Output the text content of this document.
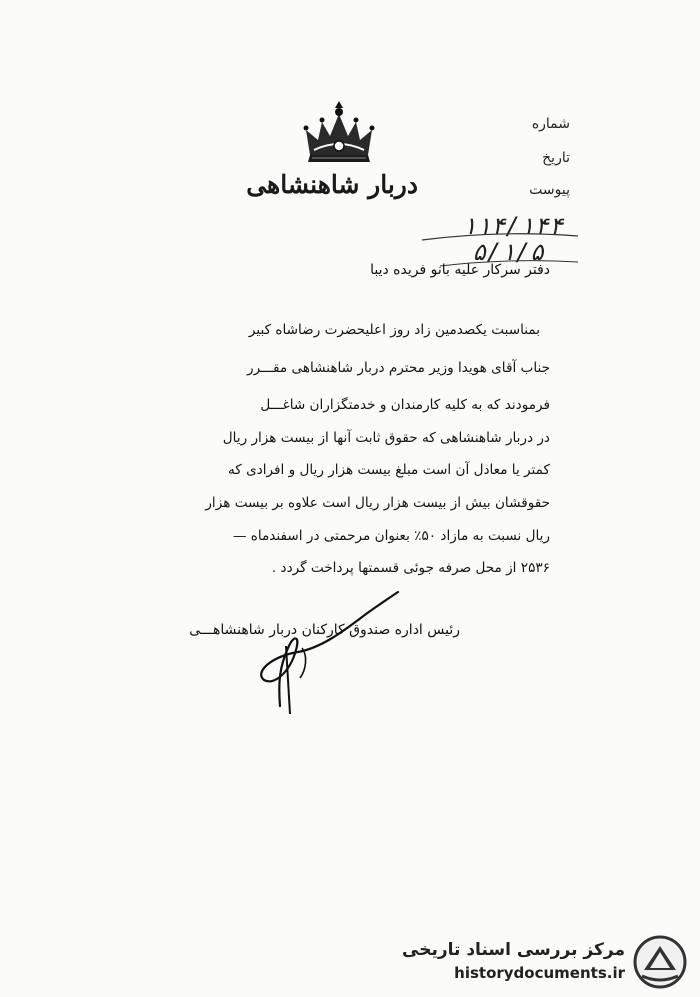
دربار شاهنشاهی
شماره
تاریخ
پیوست
۱۱۴/۱۴۴
۵/۱/۵
دفتر سرکار علیه بانو فریده دیبا
بمناسبت یکصدمین زاد روز اعلیحضرت رضاشاه کبیر
جناب آقای هویدا وزیر محترم دربار شاهنشاهی مقـــرر
فرمودند که به کلیه کارمندان و خدمتگزاران شاغـــل
در دربار شاهنشاهی که حقوق ثابت آنها از بیست هزار ریال
کمتر یا معادل آن است مبلغ بیست هزار ریال و افرادی که
حقوقشان بیش از بیست هزار ریال است علاوه بر بیست هزار
ریال نسبت به مازاد ۵۰٪ بعنوان مرحمتی در اسفندماه —
۲۵۳۶ از محل صرفه جوئی قسمتها پرداخت گردد .
رئیس اداره صندوق کارکنان دربار شاهنشاهـــی
مرکز بررسی اسناد تاریخی
historydocuments.ir
